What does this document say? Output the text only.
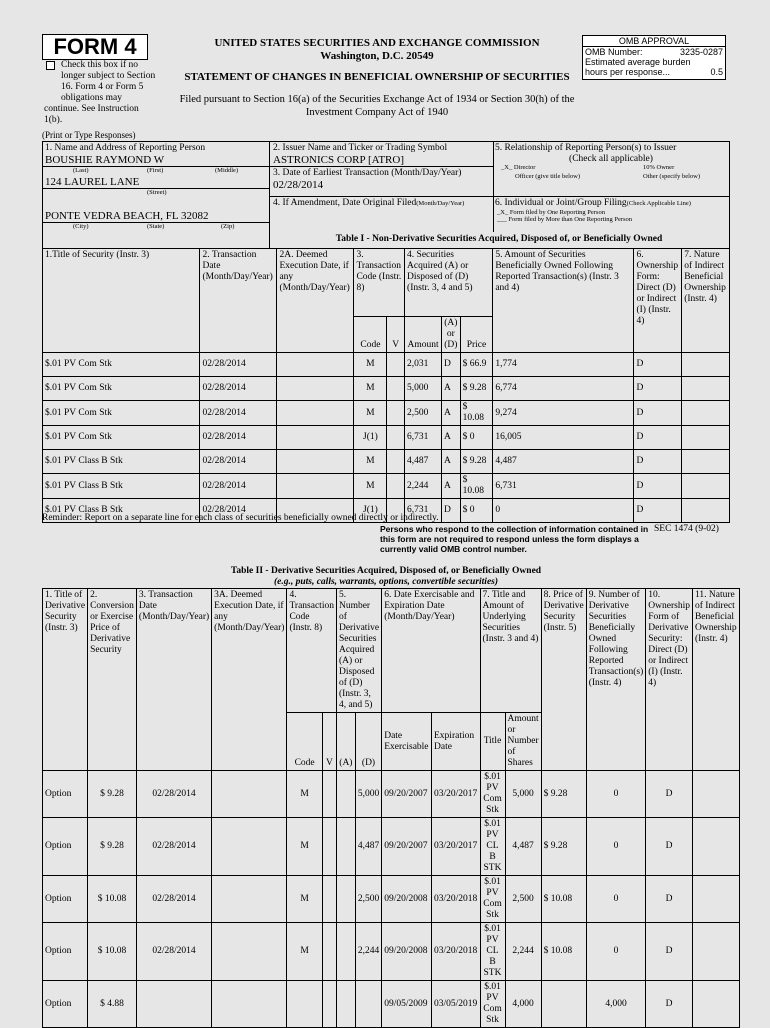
FORM 4
Check this box if no longer subject to Section 16. Form 4 or Form 5 obligations may continue. See Instruction 1(b).
UNITED STATES SECURITIES AND EXCHANGE COMMISSION
Washington, D.C. 20549
STATEMENT OF CHANGES IN BENEFICIAL OWNERSHIP OF SECURITIES
Filed pursuant to Section 16(a) of the Securities Exchange Act of 1934 or Section 30(h) of the
Investment Company Act of 1940
OMB APPROVAL
OMB Number:	3235-0287
Estimated average burden
hours per response...	0.5
(Print or Type Responses)
1. Name and Address of Reporting Person
BOUSHIE RAYMOND W
(Last)	(First)	(Middle)
124 LAUREL LANE
(Street)
PONTE VEDRA BEACH, FL 32082
(City)	(State)	(Zip)
2. Issuer Name and Ticker or Trading Symbol
ASTRONICS CORP [ATRO]
3. Date of Earliest Transaction (Month/Day/Year)
02/28/2014
5. Relationship of Reporting Person(s) to Issuer
(Check all applicable)
_X_ Director	10% Owner
Officer (give title below)	Other (specify below)
4. If Amendment, Date Original Filed(Month/Day/Year)	6. Individual or Joint/Group Filing(Check Applicable Line)
_X_ Form filed by One Reporting Person
___ Form filed by More than One Reporting Person
Table I - Non-Derivative Securities Acquired, Disposed of, or Beneficially Owned
1.Title of Security (Instr. 3)	2. Transaction Date (Month/Day/Year)	2A. Deemed Execution Date, if any (Month/Day/Year)	3. Transaction Code (Instr. 8)		4. Securities Acquired (A) or Disposed of (D) (Instr. 3, 4 and 5)			5. Amount of Securities Beneficially Owned Following Reported Transaction(s) (Instr. 3 and 4)	6. Ownership Form: Direct (D) or Indirect (I) (Instr. 4)	7. Nature of Indirect Beneficial Ownership (Instr. 4)
			Code	V	Amount	(A) or (D)	Price			
$.01 PV Com Stk	02/28/2014		M		2,031	D	$ 66.9	1,774	D	
$.01 PV Com Stk	02/28/2014		M		5,000	A	$ 9.28	6,774	D	
$.01 PV Com Stk	02/28/2014		M		2,500	A	$ 10.08	9,274	D	
$.01 PV Com Stk	02/28/2014		J(1)		6,731	A	$ 0	16,005	D	
$.01 PV Class B Stk	02/28/2014		M		4,487	A	$ 9.28	4,487	D	
$.01 PV Class B Stk	02/28/2014		M		2,244	A	$ 10.08	6,731	D	
$.01 PV Class B Stk	02/28/2014		J(1)		6,731	D	$ 0	0	D	
Reminder: Report on a separate line for each class of securities beneficially owned directly or indirectly.
Persons who respond to the collection of information contained in this form are not required to respond unless the form displays a currently valid OMB control number.
SEC 1474 (9-02)
Table II - Derivative Securities Acquired, Disposed of, or Beneficially Owned
(e.g., puts, calls, warrants, options, convertible securities)
1. Title of Derivative Security (Instr. 3)	2. Conversion or Exercise Price of Derivative Security	3. Transaction Date (Month/Day/Year)	3A. Deemed Execution Date, if any (Month/Day/Year)	4. Transaction Code (Instr. 8)		5. Number of Derivative Securities Acquired (A) or Disposed of (D) (Instr. 3, 4, and 5)		6. Date Exercisable and Expiration Date (Month/Day/Year)		7. Title and Amount of Underlying Securities (Instr. 3 and 4)		8. Price of Derivative Security (Instr. 5)	9. Number of Derivative Securities Beneficially Owned Following Reported Transaction(s) (Instr. 4)	10. Ownership Form of Derivative Security: Direct (D) or Indirect (I) (Instr. 4)	11. Nature of Indirect Beneficial Ownership (Instr. 4)
				Code	V	(A)	(D)	Date Exercisable	Expiration Date	Title	Amount or Number of Shares				
Option	$ 9.28	02/28/2014		M			5,000	09/20/2007	03/20/2017	$.01 PV Com Stk	5,000	$ 9.28	0	D	
Option	$ 9.28	02/28/2014		M			4,487	09/20/2007	03/20/2017	$.01 PV CL B STK	4,487	$ 9.28	0	D	
Option	$ 10.08	02/28/2014		M			2,500	09/20/2008	03/20/2018	$.01 PV Com Stk	2,500	$ 10.08	0	D	
Option	$ 10.08	02/28/2014		M			2,244	09/20/2008	03/20/2018	$.01 PV CL B STK	2,244	$ 10.08	0	D	
Option	$ 4.88							09/05/2009	03/05/2019	$.01 PV Com Stk	4,000		4,000	D	
